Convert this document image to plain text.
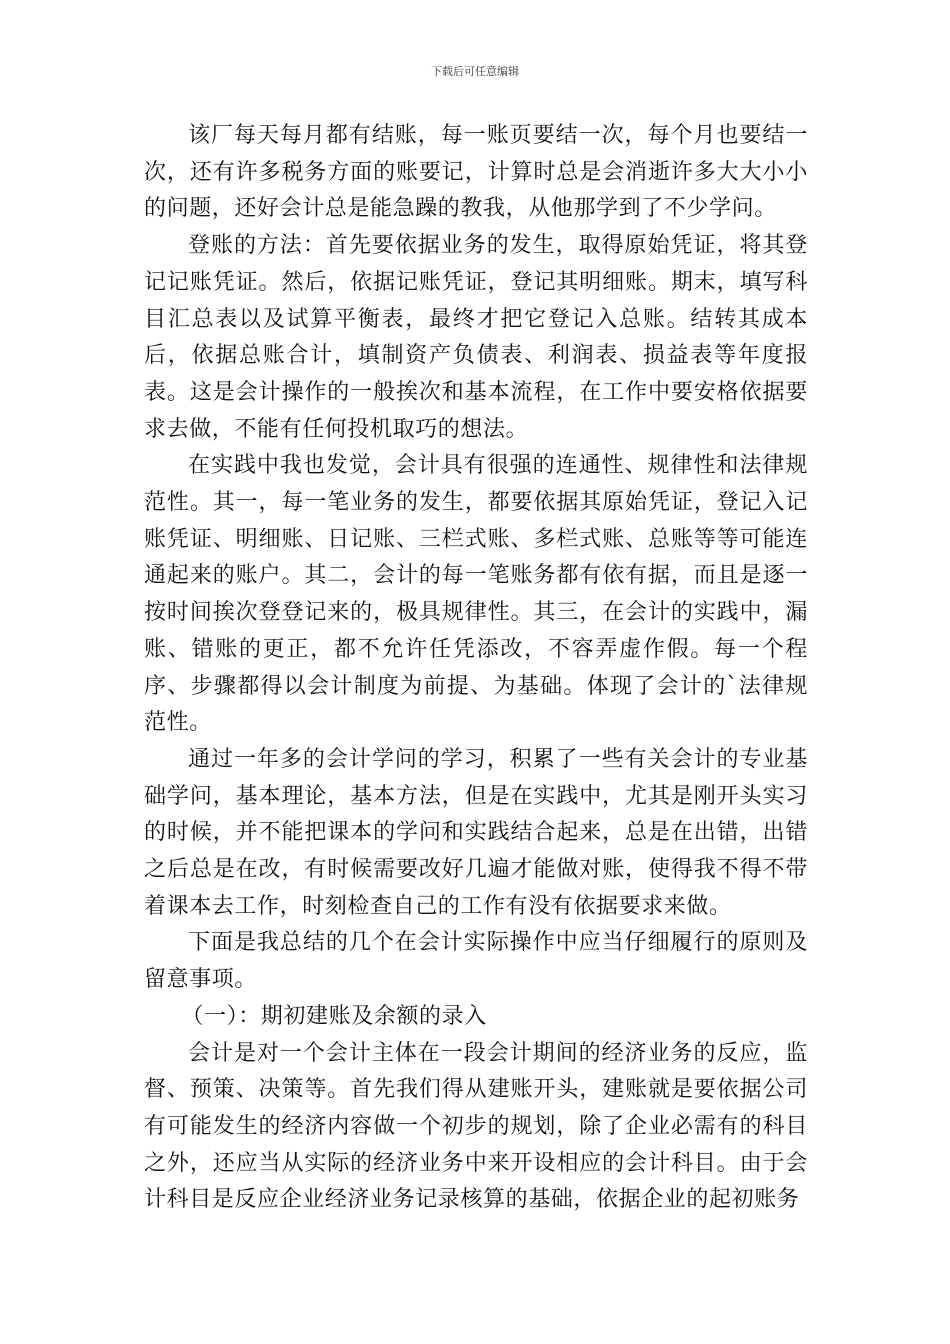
下载后可任意编辑

该厂每天每月都有结账，每一账页要结一次，每个月也要结一次，还有许多税务方面的账要记，计算时总是会消逝许多大大小小的问题，还好会计总是能急躁的教我，从他那学到了不少学问。

登账的方法：首先要依据业务的发生，取得原始凭证，将其登记记账凭证。然后，依据记账凭证，登记其明细账。期末，填写科目汇总表以及试算平衡表，最终才把它登记入总账。结转其成本后，依据总账合计，填制资产负债表、利润表、损益表等年度报表。这是会计操作的一般挨次和基本流程，在工作中要安格依据要求去做，不能有任何投机取巧的想法。

在实践中我也发觉，会计具有很强的连通性、规律性和法律规范性。其一，每一笔业务的发生，都要依据其原始凭证，登记入记账凭证、明细账、日记账、三栏式账、多栏式账、总账等等可能连通起来的账户。其二，会计的每一笔账务都有依有据，而且是逐一按时间挨次登登记来的，极具规律性。其三，在会计的实践中，漏账、错账的更正，都不允许任凭添改，不容弄虚作假。每一个程序、步骤都得以会计制度为前提、为基础。体现了会计的`法律规范性。

通过一年多的会计学问的学习，积累了一些有关会计的专业基础学问，基本理论，基本方法，但是在实践中，尤其是刚开头实习的时候，并不能把课本的学问和实践结合起来，总是在出错，出错之后总是在改，有时候需要改好几遍才能做对账，使得我不得不带着课本去工作，时刻检查自己的工作有没有依据要求来做。

下面是我总结的几个在会计实际操作中应当仔细履行的原则及留意事项。

（一）：期初建账及余额的录入

会计是对一个会计主体在一段会计期间的经济业务的反应，监督、预策、决策等。首先我们得从建账开头，建账就是要依据公司有可能发生的经济内容做一个初步的规划，除了企业必需有的科目之外，还应当从实际的经济业务中来开设相应的会计科目。由于会计科目是反应企业经济业务记录核算的基础，依据企业的起初账务
